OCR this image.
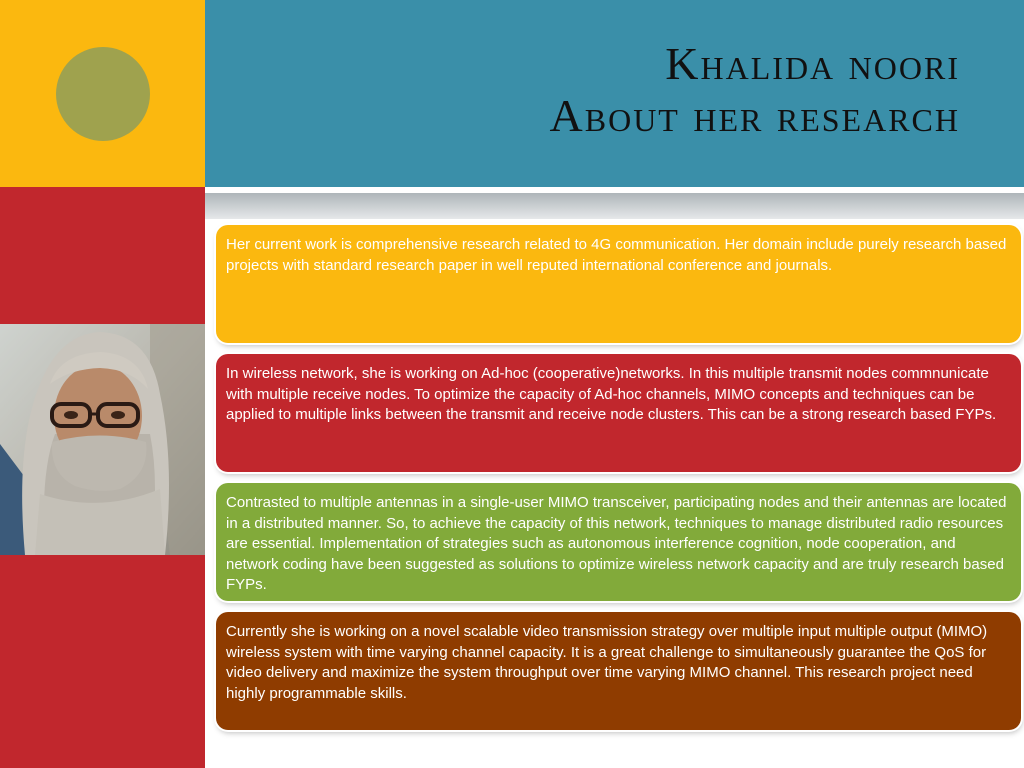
Khalida noori
About her research

Her current work is comprehensive research related to 4G communication. Her domain include purely research based projects with standard research paper in well reputed international conference and journals.

In wireless network, she is working on Ad-hoc (cooperative)networks. In this multiple transmit nodes commnunicate with multiple receive nodes. To optimize the capacity of Ad-hoc channels, MIMO concepts and techniques can be applied to multiple links between the transmit and receive node clusters. This can be a strong research based FYPs.

Contrasted to multiple antennas in a single-user MIMO transceiver, participating nodes and their antennas are located in a distributed manner. So, to achieve the capacity of this network, techniques to manage distributed radio resources are essential. Implementation of strategies such as autonomous interference cognition, node cooperation, and network coding have been suggested as solutions to optimize wireless network capacity and are truly research based FYPs.

Currently she is working on a novel scalable video transmission strategy over multiple input multiple output (MIMO) wireless system with time varying channel capacity. It is a great challenge to simultaneously guarantee the QoS for video delivery and maximize the system throughput over time varying MIMO channel. This research project need highly programmable skills.
